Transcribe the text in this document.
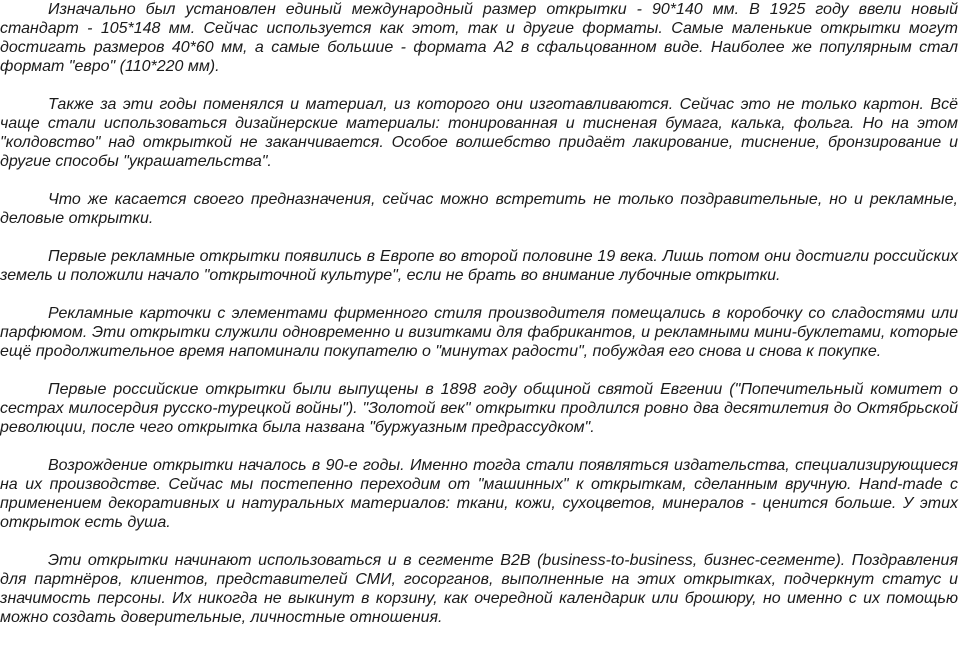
Изначально был установлен единый международный размер открытки - 90*140 мм. В 1925 году ввели новый стандарт - 105*148 мм. Сейчас используется как этот, так и другие форматы. Самые маленькие открытки могут достигать размеров 40*60 мм, а самые большие - формата А2 в сфальцованном виде. Наиболее же популярным стал формат "евро" (110*220 мм).

Также за эти годы поменялся и материал, из которого они изготавливаются. Сейчас это не только картон. Всё чаще стали использоваться дизайнерские материалы: тонированная и тисненая бумага, калька, фольга. Но на этом "колдовство" над открыткой не заканчивается. Особое волшебство придаёт лакирование, тиснение, бронзирование и другие способы "украшательства".

Что же касается своего предназначения, сейчас можно встретить не только поздравительные, но и рекламные, деловые открытки.

Первые рекламные открытки появились в Европе во второй половине 19 века. Лишь потом они достигли российских земель и положили начало "открыточной культуре", если не брать во внимание лубочные открытки.

Рекламные карточки с элементами фирменного стиля производителя помещались в коробочку со сладостями или парфюмом. Эти открытки служили одновременно и визитками для фабрикантов, и рекламными мини-буклетами, которые ещё продолжительное время напоминали покупателю о "минутах радости", побуждая его снова и снова к покупке.

Первые российские открытки были выпущены в 1898 году общиной святой Евгении ("Попечительный комитет о сестрах милосердия русско-турецкой войны"). "Золотой век" открытки продлился ровно два десятилетия до Октябрьской революции, после чего открытка была названа "буржуазным предрассудком".

Возрождение открытки началось в 90-е годы. Именно тогда стали появляться издательства, специализирующиеся на их производстве. Сейчас мы постепенно переходим от "машинных" к открыткам, сделанным вручную. Hand-made с применением декоративных и натуральных материалов: ткани, кожи, сухоцветов, минералов - ценится больше. У этих открыток есть душа.

Эти открытки начинают использоваться и в сегменте B2B (business-to-business, бизнес-сегменте). Поздравления для партнёров, клиентов, представителей СМИ, госорганов, выполненные на этих открытках, подчеркнут статус и значимость персоны. Их никогда не выкинут в корзину, как очередной календарик или брошюру, но именно с их помощью можно создать доверительные, личностные отношения.
